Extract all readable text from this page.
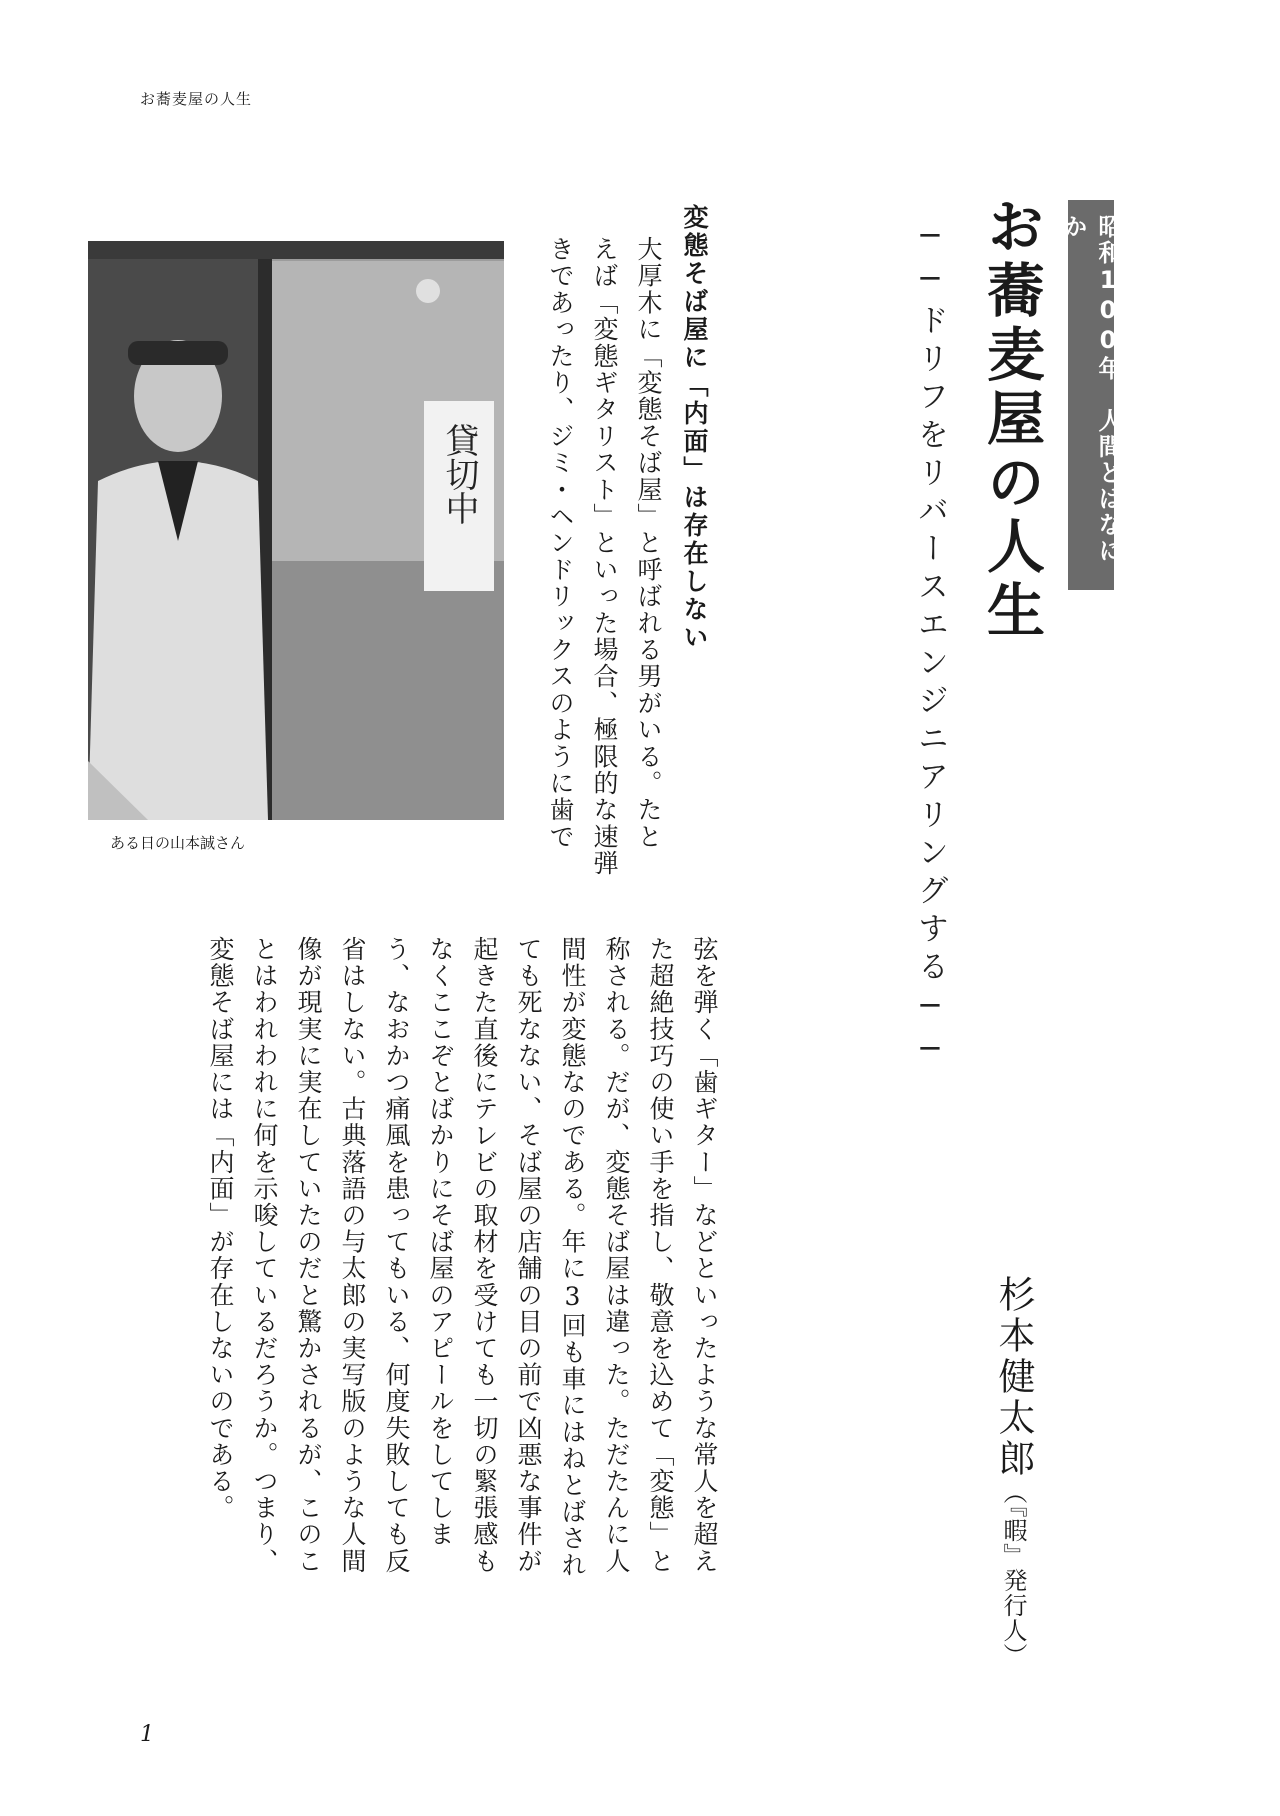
お蕎麦屋の人生
昭和100年　人間とはなにか
お蕎麦屋の人生
──ドリフをリバースエンジニアリングする──
杉本健太郎（『暇』発行人）
貸切中
ある日の山本誠さん
変態そば屋に「内面」は存在しない
大厚木に「変態そば屋」と呼ばれる男がいる。たと
えば「変態ギタリスト」といった場合、極限的な速弾
きであったり、ジミ・ヘンドリックスのように歯で
弦を弾く「歯ギター」などといったような常人を超え
た超絶技巧の使い手を指し、敬意を込めて「変態」と
称される。だが、変態そば屋は違った。ただたんに人
間性が変態なのである。年に3回も車にはねとばされ
ても死なない、そば屋の店舗の目の前で凶悪な事件が
起きた直後にテレビの取材を受けても一切の緊張感も
なくここぞとばかりにそば屋のアピールをしてしま
う、なおかつ痛風を患ってもいる、何度失敗しても反
省はしない。古典落語の与太郎の実写版のような人間
像が現実に実在していたのだと驚かされるが、このこ
とはわれわれに何を示唆しているだろうか。つまり、
変態そば屋には「内面」が存在しないのである。
1
